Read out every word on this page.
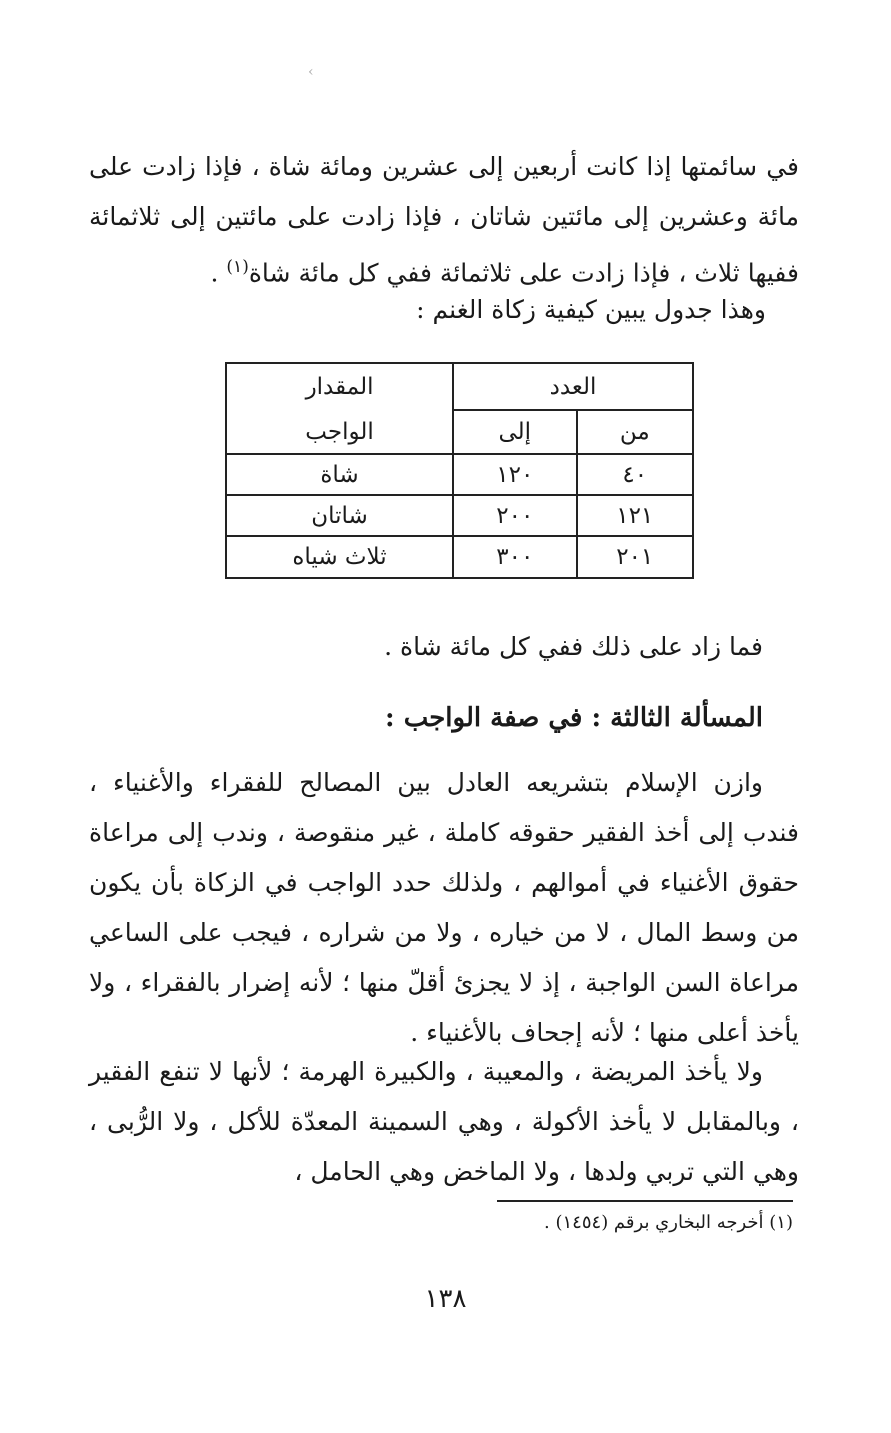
›

في سائمتها إذا كانت أربعين إلى عشرين ومائة شاة ، فإذا زادت على مائة وعشرين إلى مائتين شاتان ، فإذا زادت على مائتين إلى ثلاثمائة ففيها ثلاث ، فإذا زادت على ثلاثمائة ففي كل مائة شاة$^{(١)}$ .

وهذا جدول يبين كيفية زكاة الغنم :

العدد		المقدار
من	إلى	الواجب
٤٠	١٢٠	شاة
١٢١	٢٠٠	شاتان
٢٠١	٣٠٠	ثلاث شياه

فما زاد على ذلك ففي كل مائة شاة .

المسألة الثالثة : في صفة الواجب :

وازن الإسلام بتشريعه العادل بين المصالح للفقراء والأغنياء ، فندب إلى أخذ الفقير حقوقه كاملة ، غير منقوصة ، وندب إلى مراعاة حقوق الأغنياء في أموالهم ، ولذلك حدد الواجب في الزكاة بأن يكون من وسط المال ، لا من خياره ، ولا من شراره ، فيجب على الساعي مراعاة السن الواجبة ، إذ لا يجزئ أقلّ منها ؛ لأنه إضرار بالفقراء ، ولا يأخذ أعلى منها ؛ لأنه إجحاف بالأغنياء .

ولا يأخذ المريضة ، والمعيبة ، والكبيرة الهرمة ؛ لأنها لا تنفع الفقير ، وبالمقابل لا يأخذ الأكولة ، وهي السمينة المعدّة للأكل ، ولا الرُّبى ، وهي التي تربي ولدها ، ولا الماخض وهي الحامل ،

(١) أخرجه البخاري برقم (١٤٥٤) .

١٣٨
